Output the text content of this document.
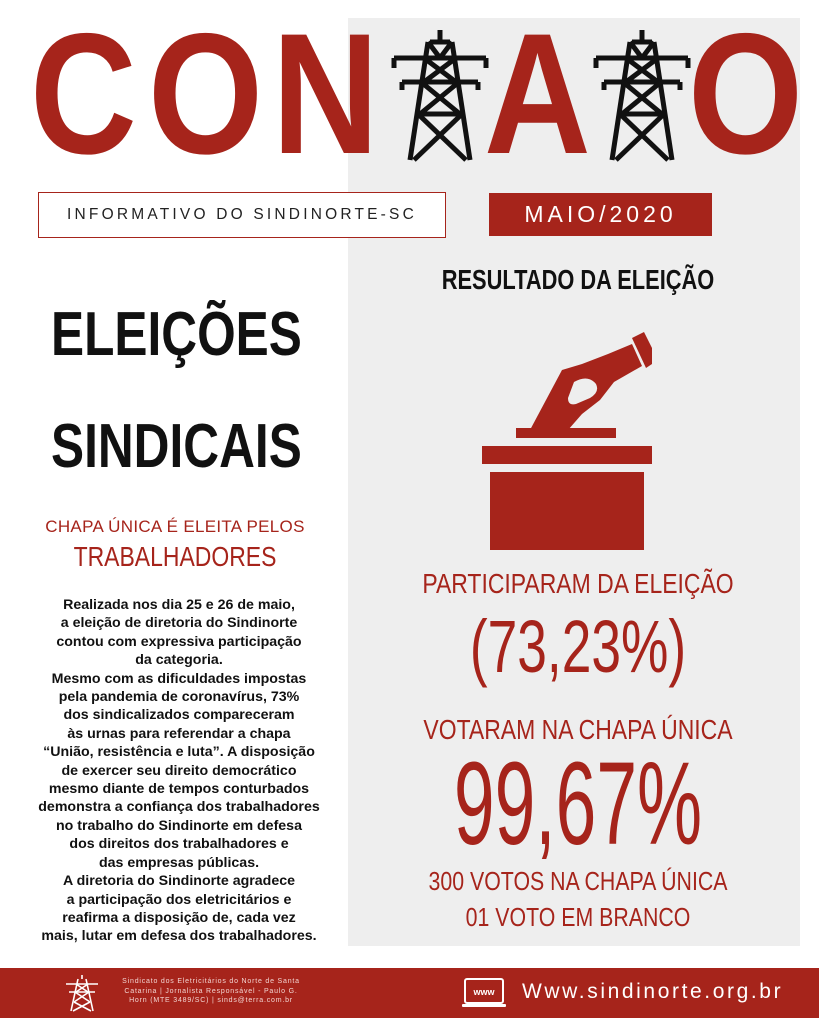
C O N A O
INFORMATIVO DO SINDINORTE-SC	MAIO/2020
ELEIÇÕES
SINDICAIS
CHAPA ÚNICA É ELEITA PELOS
TRABALHADORES
Realizada nos dia 25 e 26 de maio,
a eleição de diretoria do Sindinorte
contou com expressiva participação
da categoria.
Mesmo com as dificuldades impostas
pela pandemia de coronavírus, 73%
dos sindicalizados compareceram
às urnas para referendar a chapa
“União, resistência e luta”. A disposição
de exercer seu direito democrático
mesmo diante de tempos conturbados
demonstra a confiança dos trabalhadores
no trabalho do Sindinorte em defesa
dos direitos dos trabalhadores e
das empresas públicas.
A diretoria do Sindinorte agradece
a participação dos eletricitários e
reafirma a disposição de, cada vez
mais, lutar em defesa dos trabalhadores.
RESULTADO DA ELEIÇÃO
PARTICIPARAM DA ELEIÇÃO
(73,23%)
VOTARAM NA CHAPA ÚNICA
99,67%
300 VOTOS NA CHAPA ÚNICA
01 VOTO EM BRANCO
Sindicato dos Eletricitários do Norte de Santa
Catarina | Jornalista Responsável - Paulo G.
Horn (MTE 3489/SC) | sinds@terra.com.br
www Www.sindinorte.org.br
